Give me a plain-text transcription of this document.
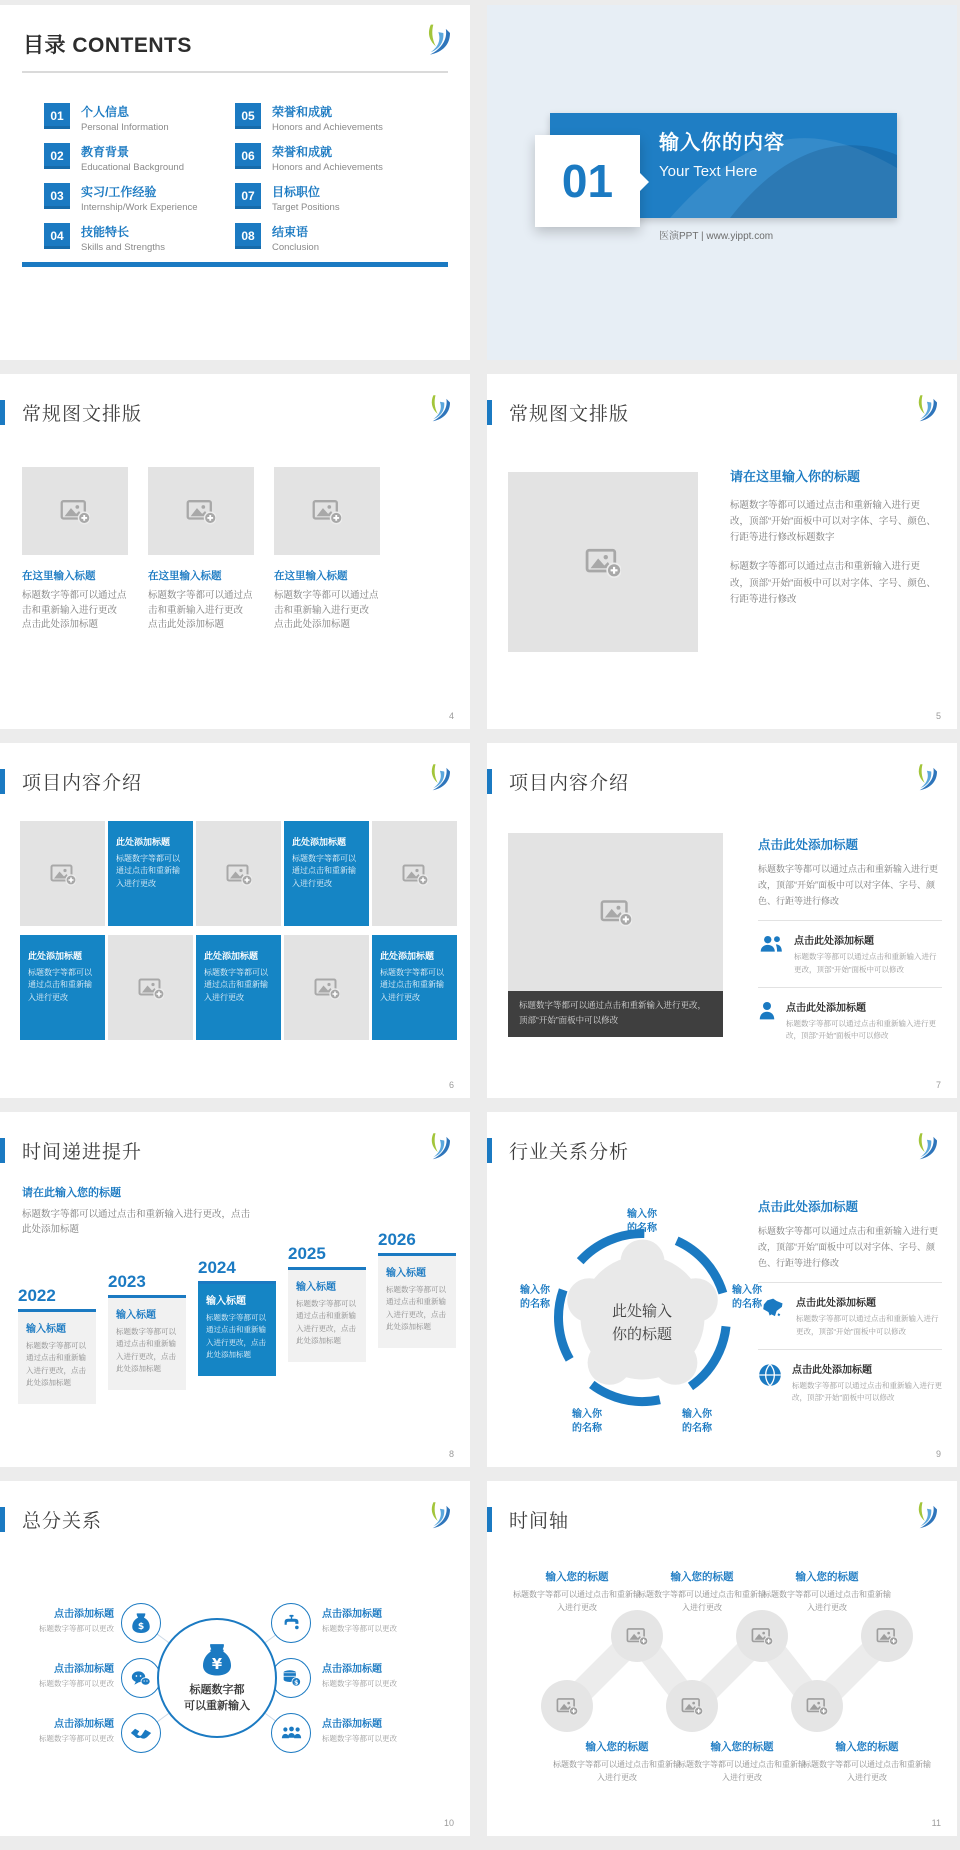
目录 CONTENTS
01	个人信息
Personal Information
02	教育背景
Educational Background
03	实习/工作经验
Internship/Work Experience
04	技能特长
Skills and Strengths
05	荣誉和成就
Honors and Achievements
06	荣誉和成就
Honors and Achievements
07	目标职位
Target Positions
08	结束语
Conclusion
输入你的内容
Your Text Here
01
医演PPT | www.yippt.com
常规图文排版
在这里输入标题

标题数字等都可以通过点击和重新输入进行更改 点击此处添加标题

在这里输入标题

标题数字等都可以通过点击和重新输入进行更改 点击此处添加标题

在这里输入标题

标题数字等都可以通过点击和重新输入进行更改 点击此处添加标题

4
常规图文排版
请在这里输入你的标题

标题数字等都可以通过点击和重新输入进行更改，顶部“开始”面板中可以对字体、字号、颜色、行距等进行修改标题数字

标题数字等都可以通过点击和重新输入进行更改，顶部“开始”面板中可以对字体、字号、颜色、行距等进行修改

5
项目内容介绍
此处添加标题

标题数字等都可以通过点击和重新输入进行更改

此处添加标题

标题数字等都可以通过点击和重新输入进行更改

此处添加标题

标题数字等都可以通过点击和重新输入进行更改

此处添加标题

标题数字等都可以通过点击和重新输入进行更改

此处添加标题

标题数字等都可以通过点击和重新输入进行更改

6
项目内容介绍
标题数字等都可以通过点击和重新输入进行更改，顶部“开始”面板中可以修改
点击此处添加标题

标题数字等都可以通过点击和重新输入进行更改，顶部“开始”面板中可以对字体、字号、颜色、行距等进行修改

点击此处添加标题

标题数字等都可以通过点击和重新输入进行更改，顶部“开始”面板中可以修改

点击此处添加标题

标题数字等都可以通过点击和重新输入进行更改，顶部“开始”面板中可以修改

7
时间递进提升
请在此输入您的标题

标题数字等都可以通过点击和重新输入进行更改，点击此处添加标题

2022
输入标题

标题数字等都可以通过点击和重新输入进行更改，点击此处添加标题

2023
输入标题

标题数字等都可以通过点击和重新输入进行更改，点击此处添加标题

2024
输入标题

标题数字等都可以通过点击和重新输入进行更改，点击此处添加标题

2025
输入标题

标题数字等都可以通过点击和重新输入进行更改，点击此处添加标题

2026
输入标题

标题数字等都可以通过点击和重新输入进行更改，点击此处添加标题

8
行业关系分析
此处输入
你的标题
输入你
的名称
输入你
的名称
输入你
的名称
输入你
的名称
输入你
的名称
点击此处添加标题

标题数字等都可以通过点击和重新输入进行更改，顶部“开始”面板中可以对字体、字号、颜色、行距等进行修改

点击此处添加标题

标题数字等都可以通过点击和重新输入进行更改，顶部“开始”面板中可以修改

点击此处添加标题

标题数字等都可以通过点击和重新输入进行更改，顶部“开始”面板中可以修改

9
总分关系
点击添加标题

标题数字等都可以更改

点击添加标题

标题数字等都可以更改

点击添加标题

标题数字等都可以更改

点击添加标题

标题数字等都可以更改

点击添加标题

标题数字等都可以更改

点击添加标题

标题数字等都可以更改

标题数字都
可以重新输入

10
时间轴
输入您的标题

标题数字等都可以通过点击和重新输入进行更改

输入您的标题

标题数字等都可以通过点击和重新输入进行更改

输入您的标题

标题数字等都可以通过点击和重新输入进行更改

输入您的标题

标题数字等都可以通过点击和重新输入进行更改

输入您的标题

标题数字等都可以通过点击和重新输入进行更改

输入您的标题

标题数字等都可以通过点击和重新输入进行更改

11
